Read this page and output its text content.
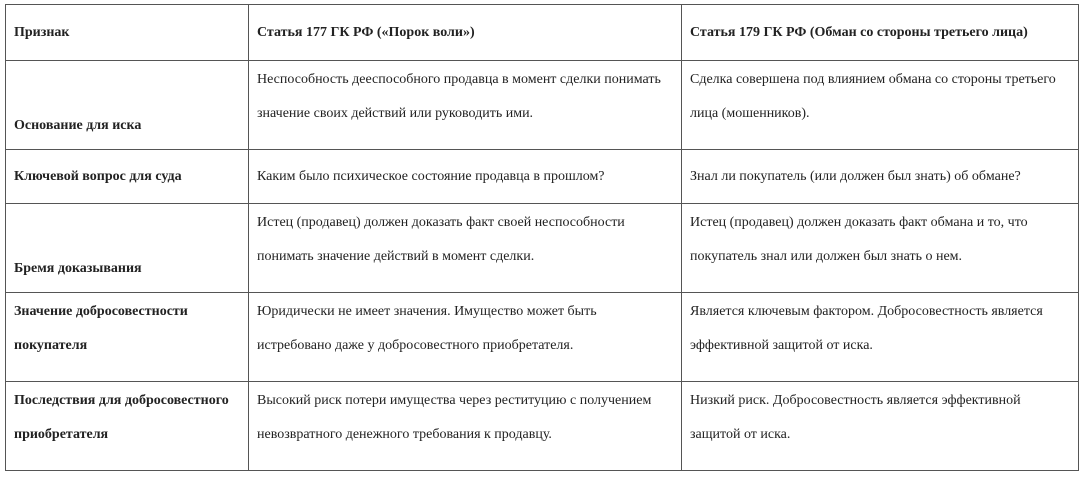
Признак	Статья 177 ГК РФ («Порок воли»)	Статья 179 ГК РФ (Обман со стороны третьего лица)
Основание для иска	Неспособность дееспособного продавца в момент сделки понимать значение своих действий или руководить ими.	Сделка совершена под влиянием обмана со стороны третьего лица (мошенников).
Ключевой вопрос для суда	Каким было психическое состояние продавца в прошлом?	Знал ли покупатель (или должен был знать) об обмане?
Бремя доказывания	Истец (продавец) должен доказать факт своей неспособности понимать значение действий в момент сделки.	Истец (продавец) должен доказать факт обмана и то, что покупатель знал или должен был знать о нем.
Значение добросовестности покупателя	Юридически не имеет значения. Имущество может быть истребовано даже у добросовестного приобретателя.	Является ключевым фактором. Добросовестность является эффективной защитой от иска.
Последствия для добросовестного приобретателя	Высокий риск потери имущества через реституцию с получением невозвратного денежного требования к продавцу.	Низкий риск. Добросовестность является эффективной защитой от иска.
